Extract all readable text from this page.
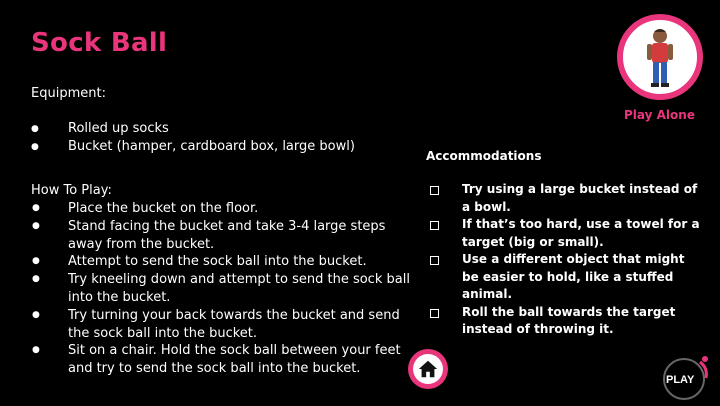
Sock Ball
Equipment:
● Rolled up socks
● Bucket (hamper, cardboard box, large bowl)
How To Play:
● Place the bucket on the floor.
● Stand facing the bucket and take 3-4 large steps away from the bucket.
● Attempt to send the sock ball into the bucket.
● Try kneeling down and attempt to send the sock ball into the bucket.
● Try turning your back towards the bucket and send the sock ball into the bucket.
● Sit on a chair. Hold the sock ball between your feet and try to send the sock ball into the bucket.
Play Alone
Accommodations
Try using a large bucket instead of a bowl.
If that’s too hard, use a towel for a target (big or small).
Use a different object that might be easier to hold, like a stuffed animal.
Roll the ball towards the target instead of throwing it.
PLAY
